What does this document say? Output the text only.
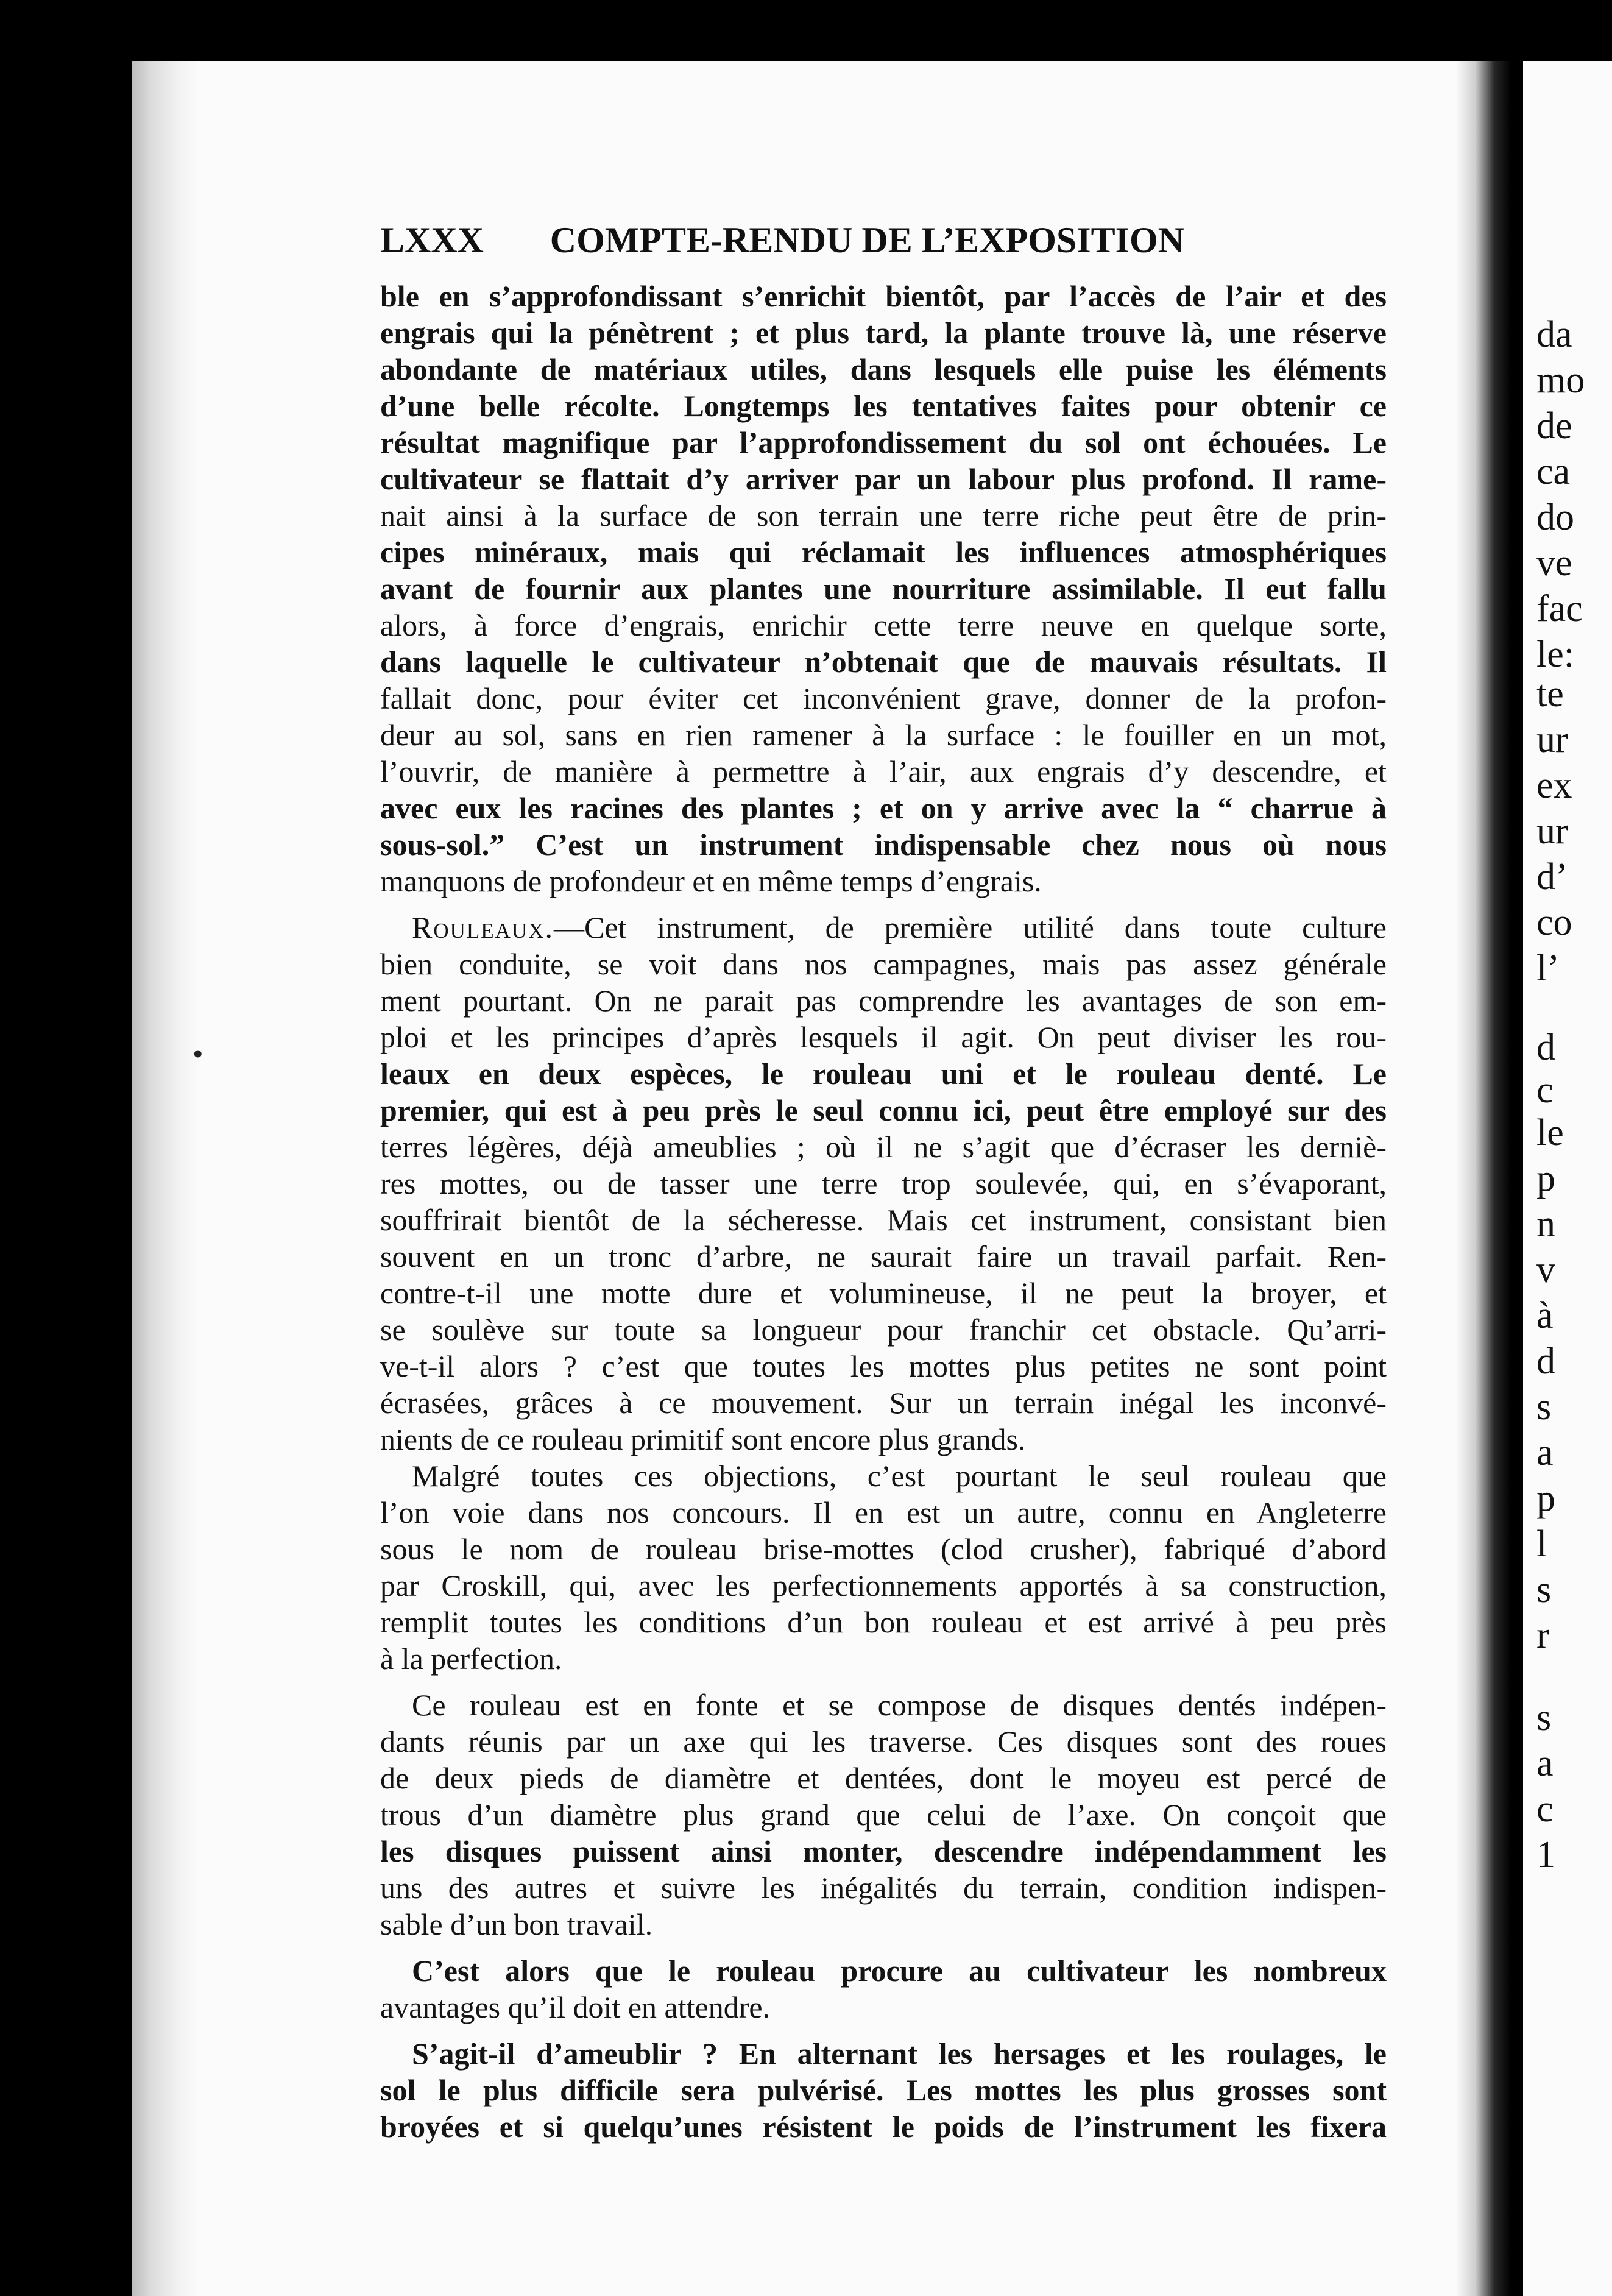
da
mo
de
ca
do
ve
fac
le:
te
ur
ex
ur
d’
co
l’
d
c
le
p
n
v
à
d
s
a
p
l
s
r
s
a
c
1
LXXX COMPTE-RENDU DE L’EXPOSITION
ble en s’approfondissant s’enrichit bientôt, par l’accès de l’air et des
engrais qui la pénètrent ; et plus tard, la plante trouve là, une réserve
abondante de matériaux utiles, dans lesquels elle puise les éléments
d’une belle récolte. Longtemps les tentatives faites pour obtenir ce
résultat magnifique par l’approfondissement du sol ont échouées. Le
cultivateur se flattait d’y arriver par un labour plus profond. Il rame-
nait ainsi à la surface de son terrain une terre riche peut être de prin-
cipes minéraux, mais qui réclamait les influences atmosphériques
avant de fournir aux plantes une nourriture assimilable. Il eut fallu
alors, à force d’engrais, enrichir cette terre neuve en quelque sorte,
dans laquelle le cultivateur n’obtenait que de mauvais résultats. Il
fallait donc, pour éviter cet inconvénient grave, donner de la profon-
deur au sol, sans en rien ramener à la surface : le fouiller en un mot,
l’ouvrir, de manière à permettre à l’air, aux engrais d’y descendre, et
avec eux les racines des plantes ; et on y arrive avec la “ charrue à
sous-sol.” C’est un instrument indispensable chez nous où nous
manquons de profondeur et en même temps d’engrais.
Rouleaux.—Cet instrument, de première utilité dans toute culture
bien conduite, se voit dans nos campagnes, mais pas assez générale
ment pourtant. On ne parait pas comprendre les avantages de son em-
ploi et les principes d’après lesquels il agit. On peut diviser les rou-
leaux en deux espèces, le rouleau uni et le rouleau denté. Le
premier, qui est à peu près le seul connu ici, peut être employé sur des
terres légères, déjà ameublies ; où il ne s’agit que d’écraser les derniè-
res mottes, ou de tasser une terre trop soulevée, qui, en s’évaporant,
souffrirait bientôt de la sécheresse. Mais cet instrument, consistant bien
souvent en un tronc d’arbre, ne saurait faire un travail parfait. Ren-
contre-t-il une motte dure et volumineuse, il ne peut la broyer, et
se soulève sur toute sa longueur pour franchir cet obstacle. Qu’arri-
ve-t-il alors ? c’est que toutes les mottes plus petites ne sont point
écrasées, grâces à ce mouvement. Sur un terrain inégal les inconvé-
nients de ce rouleau primitif sont encore plus grands.
Malgré toutes ces objections, c’est pourtant le seul rouleau que
l’on voie dans nos concours. Il en est un autre, connu en Angleterre
sous le nom de rouleau brise-mottes (clod crusher), fabriqué d’abord
par Croskill, qui, avec les perfectionnements apportés à sa construction,
remplit toutes les conditions d’un bon rouleau et est arrivé à peu près
à la perfection.
Ce rouleau est en fonte et se compose de disques dentés indépen-
dants réunis par un axe qui les traverse. Ces disques sont des roues
de deux pieds de diamètre et dentées, dont le moyeu est percé de
trous d’un diamètre plus grand que celui de l’axe. On conçoit que
les disques puissent ainsi monter, descendre indépendamment les
uns des autres et suivre les inégalités du terrain, condition indispen-
sable d’un bon travail.
C’est alors que le rouleau procure au cultivateur les nombreux
avantages qu’il doit en attendre.
S’agit-il d’ameublir ? En alternant les hersages et les roulages, le
sol le plus difficile sera pulvérisé. Les mottes les plus grosses sont
broyées et si quelqu’unes résistent le poids de l’instrument les fixera
•
